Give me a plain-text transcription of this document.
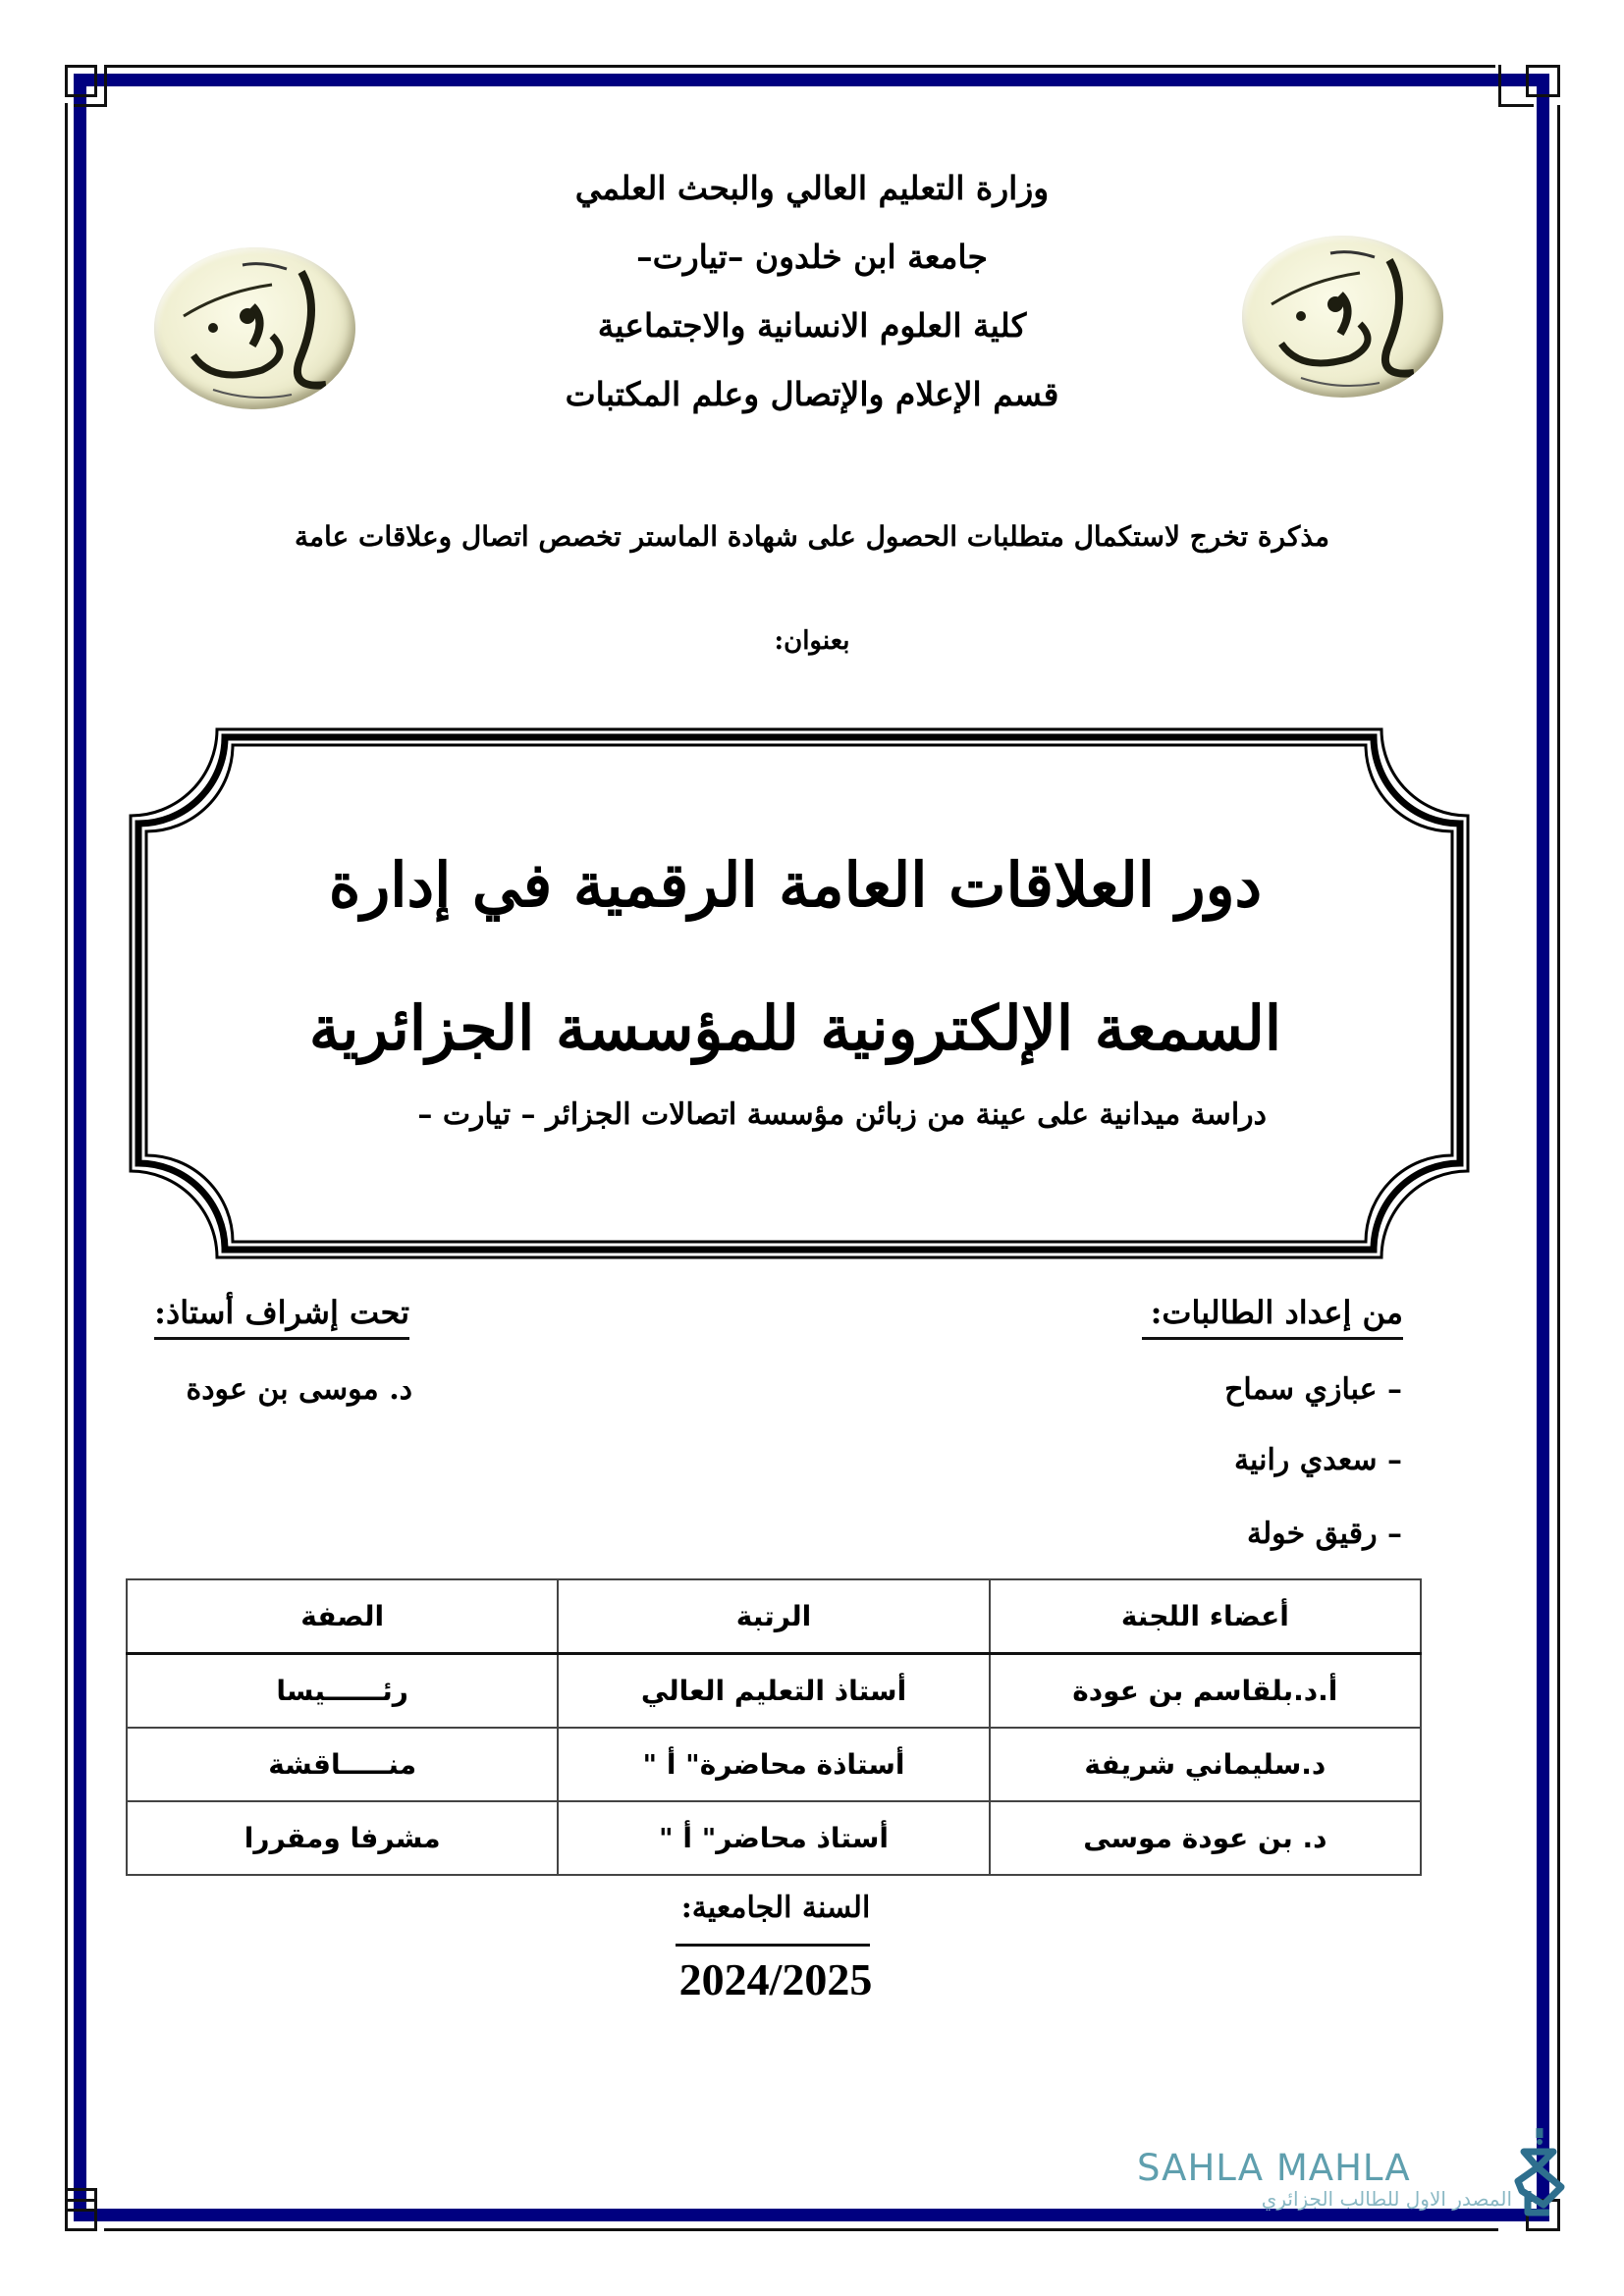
وزارة التعليم العالي والبحث العلمي
جامعة ابن خلدون –تيارت–
كلية العلوم الانسانية والاجتماعية
قسم الإعلام والإتصال وعلم المكتبات
مذكرة تخرج لاستكمال متطلبات الحصول على شهادة الماستر تخصص اتصال وعلاقات عامة
بعنوان:
دور العلاقات العامة الرقمية في إدارة
السمعة الإلكترونية للمؤسسة الجزائرية
دراسة ميدانية على عينة من زبائن مؤسسة اتصالات الجزائر – تيارت –
من إعداد الطالبات:
– عبازي سماح
– سعدي رانية
– رقيق خولة
تحت إشراف أستاذ:
د. موسى بن عودة
أعضاء اللجنة	الرتبة	الصفة
أ.د.بلقاسم بن عودة	أستاذ التعليم العالي	رئــــــيسا
د.سليماني شريفة	أستاذة محاضرة" أ "	منـــــاقشة
د. بن عودة موسى	أستاذ محاضر" أ "	مشرفا ومقررا
السنة الجامعية:
2024/2025
SAHLA MAHLA
المصدر الاول للطالب الجزائري
